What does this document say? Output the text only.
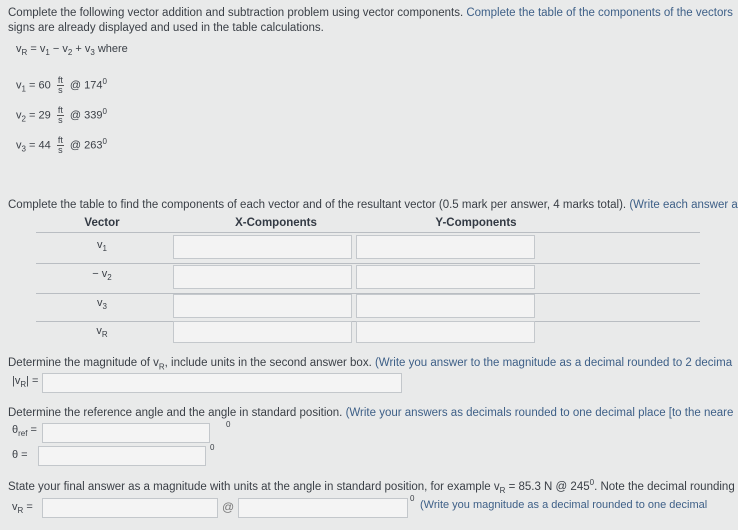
Complete the following vector addition and subtraction problem using vector components. Complete the table of the components of the vectors
signs are already displayed and used in the table calculations.
$v_R = v_1 - v_2 + v_3$ where
$v_1 = 60 \frac{ft}{s}$ @ $174^0$
$v_2 = 29 \frac{ft}{s}$ @ $339^0$
$v_3 = 44 \frac{ft}{s}$ @ $263^0$
Complete the table to find the components of each vector and of the resultant vector (0.5 mark per answer, 4 marks total). (Write each answer a
Vector	X-Components	Y-Components
$v_1$
− $v_2$
$v_3$
$v_R$
Determine the magnitude of $v_R$, include units in the second answer box. (Write you answer to the magnitude as a decimal rounded to 2 decima
$|v_R|$ =
Determine the reference angle and the angle in standard position. (Write your answers as decimals rounded to one decimal place [to the neare
$\theta_{ref}$ =	0
θ =
0
State your final answer as a magnitude with units at the angle in standard position, for example $v_R = 85.3$ N @ $245^0$. Note the decimal rounding
$v_R$ =	@
0
(Write you magnitude as a decimal rounded to one decimal
